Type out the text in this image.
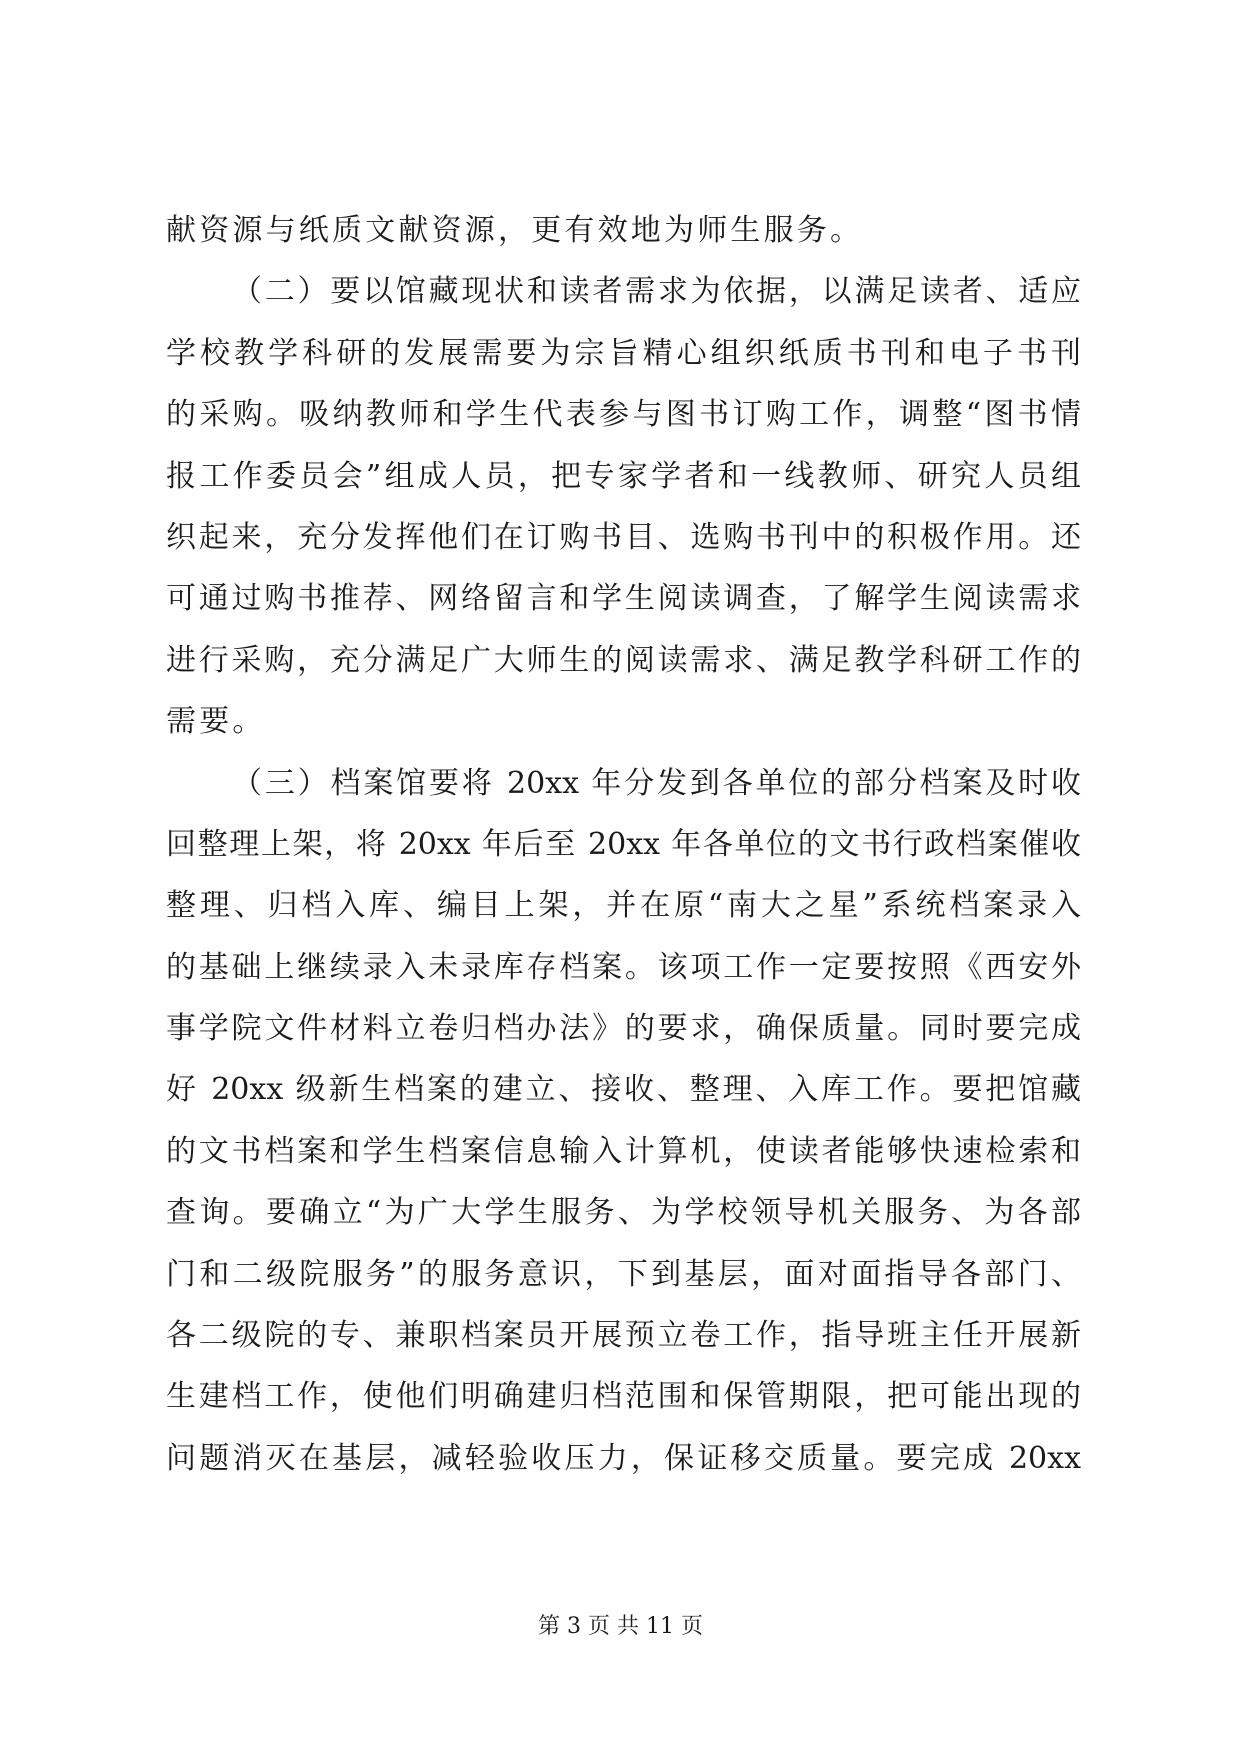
献资源与纸质文献资源，更有效地为师生服务。
（二）要以馆藏现状和读者需求为依据，以满足读者、适应
学校教学科研的发展需要为宗旨精心组织纸质书刊和电子书刊
的采购。吸纳教师和学生代表参与图书订购工作，调整“图书情
报工作委员会”组成人员，把专家学者和一线教师、研究人员组
织起来，充分发挥他们在订购书目、选购书刊中的积极作用。还
可通过购书推荐、网络留言和学生阅读调查，了解学生阅读需求
进行采购，充分满足广大师生的阅读需求、满足教学科研工作的
需要。
（三）档案馆要将 20xx 年分发到各单位的部分档案及时收
回整理上架，将 20xx 年后至 20xx 年各单位的文书行政档案催收
整理、归档入库、编目上架，并在原“南大之星”系统档案录入
的基础上继续录入未录库存档案。该项工作一定要按照《西安外
事学院文件材料立卷归档办法》的要求，确保质量。同时要完成
好 20xx 级新生档案的建立、接收、整理、入库工作。要把馆藏
的文书档案和学生档案信息输入计算机，使读者能够快速检索和
查询。要确立“为广大学生服务、为学校领导机关服务、为各部
门和二级院服务”的服务意识，下到基层，面对面指导各部门、
各二级院的专、兼职档案员开展预立卷工作，指导班主任开展新
生建档工作，使他们明确建归档范围和保管期限，把可能出现的
问题消灭在基层，减轻验收压力，保证移交质量。要完成 20xx
第 3 页 共 11 页
